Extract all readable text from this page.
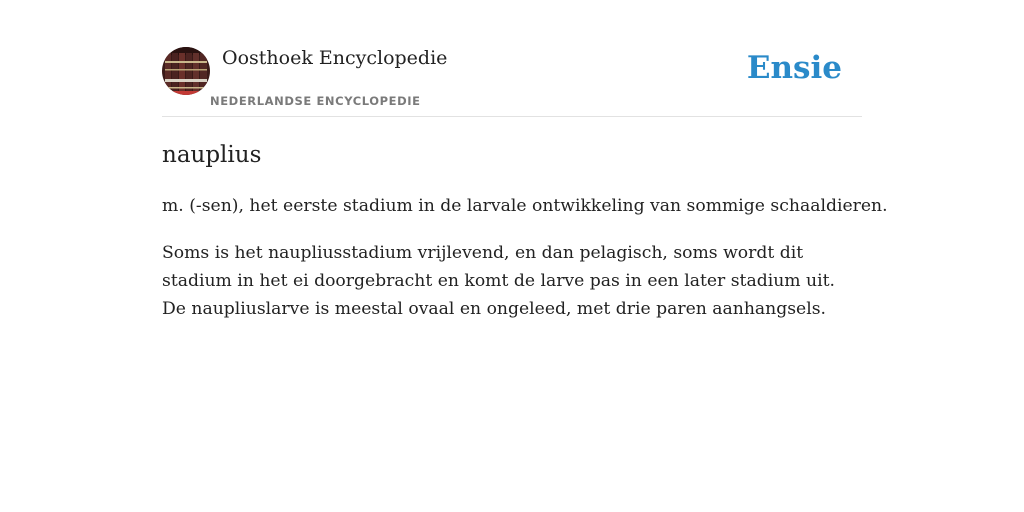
Oosthoek Encyclopedie
NEDERLANDSE ENCYCLOPEDIE
Ensie
nauplius

m. (-sen), het eerste stadium in de larvale ontwikkeling van sommige schaaldieren.

Soms is het naupliusstadium vrijlevend, en dan pelagisch, soms wordt dit stadium in het ei doorgebracht en komt de larve pas in een later stadium uit. De naupliuslarve is meestal ovaal en ongeleed, met drie paren aanhangsels.
